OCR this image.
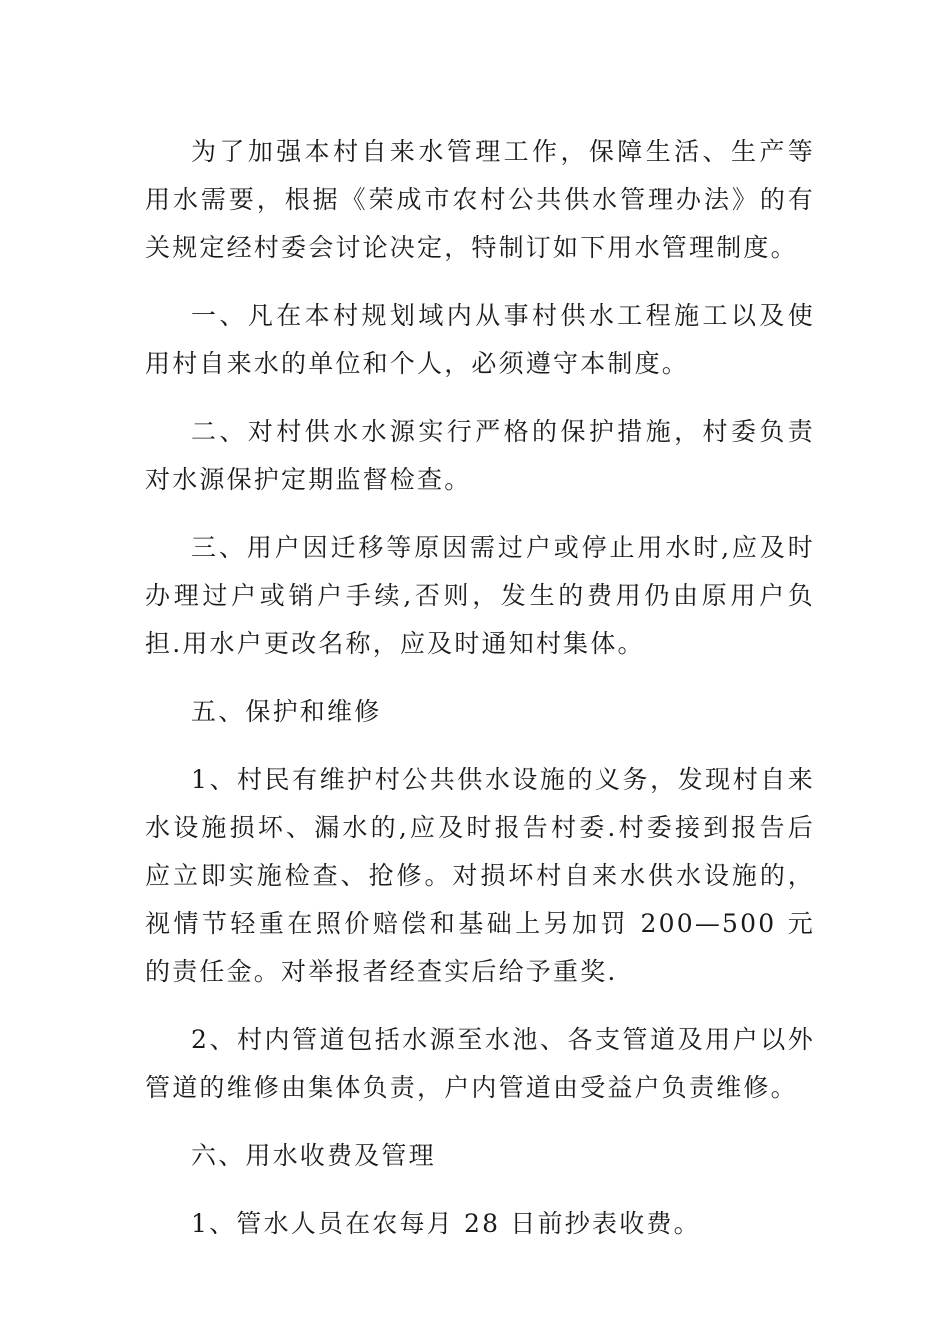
为了加强本村自来水管理工作，保障生活、生产等用水需要，根据《荣成市农村公共供水管理办法》的有关规定经村委会讨论决定，特制订如下用水管理制度。

一、凡在本村规划域内从事村供水工程施工以及使用村自来水的单位和个人，必须遵守本制度。

二、对村供水水源实行严格的保护措施，村委负责对水源保护定期监督检查。

三、用户因迁移等原因需过户或停止用水时,应及时办理过户或销户手续,否则，发生的费用仍由原用户负担.用水户更改名称，应及时通知村集体。

五、保护和维修

1、村民有维护村公共供水设施的义务，发现村自来水设施损坏、漏水的,应及时报告村委.村委接到报告后应立即实施检查、抢修。对损坏村自来水供水设施的，视情节轻重在照价赔偿和基础上另加罚 200—500 元的责任金。对举报者经查实后给予重奖.

2、村内管道包括水源至水池、各支管道及用户以外管道的维修由集体负责，户内管道由受益户负责维修。

六、用水收费及管理

1、管水人员在农每月 28 日前抄表收费。
